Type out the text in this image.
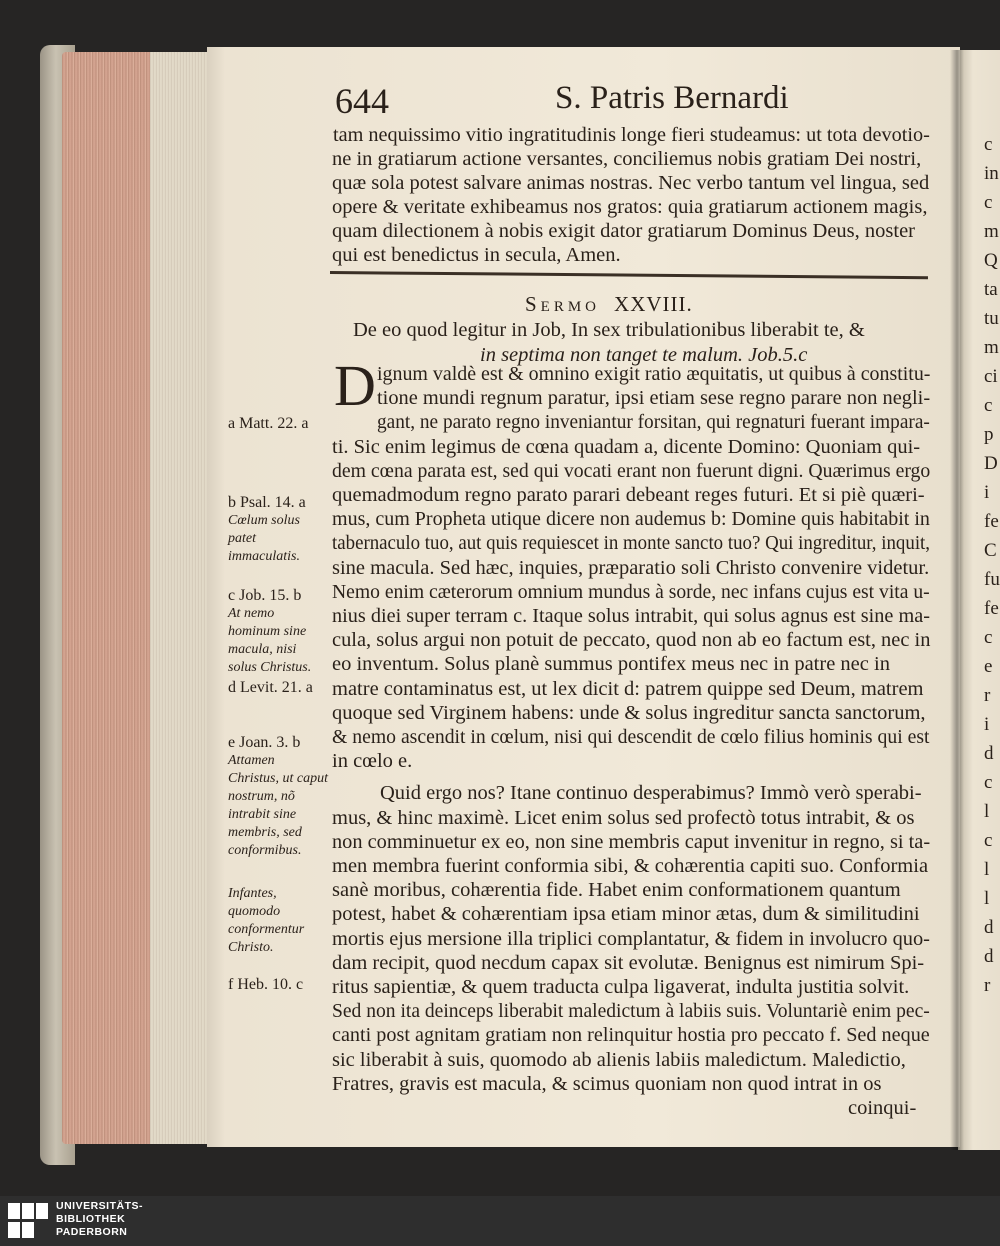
644	S. Patris Bernardi
tam nequissimo vitio ingratitudinis longe fieri studeamus: ut tota devotio-
ne in gratiarum actione versantes, conciliemus nobis gratiam Dei nostri,
quæ sola potest salvare animas nostras. Nec verbo tantum vel lingua, sed
opere & veritate exhibeamus nos gratos: quia gratiarum actionem magis,
quam dilectionem à nobis exigit dator gratiarum Dominus Deus, noster
qui est benedictus in secula, Amen.
Sermo XXVIII.
De eo quod legitur in Job, In sex tribulationibus liberabit te, &
in septima non tanget te malum. Job.5.c
D ignum valdè est & omnino exigit ratio æquitatis, ut quibus à constitu-
tione mundi regnum paratur, ipsi etiam sese regno parare non negli-
gant, ne parato regno inveniantur forsitan, qui regnaturi fuerant impara-
ti. Sic enim legimus de cœna quadam a, dicente Domino: Quoniam qui-
dem cœna parata est, sed qui vocati erant non fuerunt digni. Quærimus ergo
quemadmodum regno parato parari debeant reges futuri. Et si piè quæri-
mus, cum Propheta utique dicere non audemus b: Domine quis habitabit in
tabernaculo tuo, aut quis requiescet in monte sancto tuo? Qui ingreditur, inquit,
sine macula. Sed hæc, inquies, præparatio soli Christo convenire videtur.
Nemo enim cæterorum omnium mundus à sorde, nec infans cujus est vita u-
nius diei super terram c. Itaque solus intrabit, qui solus agnus est sine ma-
cula, solus argui non potuit de peccato, quod non ab eo factum est, nec in
eo inventum. Solus planè summus pontifex meus nec in patre nec in
matre contaminatus est, ut lex dicit d: patrem quippe sed Deum, matrem
quoque sed Virginem habens: unde & solus ingreditur sancta sanctorum,
& nemo ascendit in cœlum, nisi qui descendit de cœlo filius hominis qui est
in cœlo e.
Quid ergo nos? Itane continuo desperabimus? Immò verò sperabi-
mus, & hinc maximè. Licet enim solus sed profectò totus intrabit, & os
non comminuetur ex eo, non sine membris caput invenitur in regno, si ta-
men membra fuerint conformia sibi, & cohærentia capiti suo. Conformia
sanè moribus, cohærentia fide. Habet enim conformationem quantum
potest, habet & cohærentiam ipsa etiam minor ætas, dum & similitudini
mortis ejus mersione illa triplici complantatur, & fidem in involucro quo-
dam recipit, quod necdum capax sit evolutæ. Benignus est nimirum Spi-
ritus sapientiæ, & quem traducta culpa ligaverat, indulta justitia solvit.
Sed non ita deinceps liberabit maledictum à labiis suis. Voluntariè enim pec-
canti post agnitam gratiam non relinquitur hostia pro peccato f. Sed neque
sic liberabit à suis, quomodo ab alienis labiis maledictum. Maledictio,
Fratres, gravis est macula, & scimus quoniam non quod intrat in os
coinqui-
a Matt. 22. a
b Psal. 14. a
Cœlum solus patet immaculatis.
c Job. 15. b
At nemo hominum sine macula, nisi solus Christus.
d Levit. 21. a
e Joan. 3. b
Attamen Christus, ut caput nostrum, nõ intrabit sine membris, sed conformibus.
Infantes, quomodo conformentur Christo.
f Heb. 10. c
c
in
c
m
Q
ta
tu
m
ci
c
p
D
i
fe
C
fu
fe
c
e
r
i
d
c
l
c
l
l
d
d
r
UNIVERSITÄTS-
BIBLIOTHEK
PADERBORN
